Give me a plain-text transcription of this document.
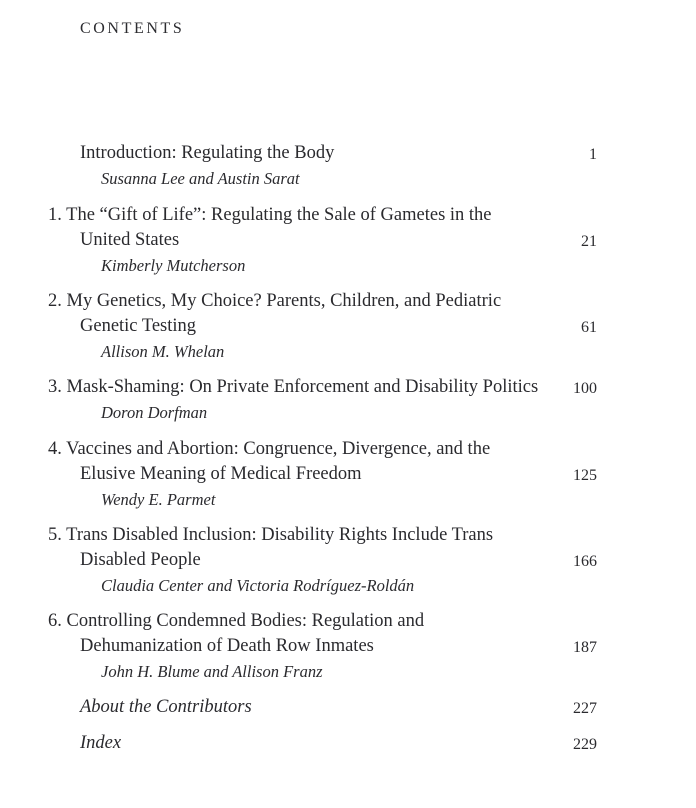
CONTENTS
Introduction: Regulating the Body	1
Susanna Lee and Austin Sarat
1. The “Gift of Life”: Regulating the Sale of Gametes in the
United States	21
Kimberly Mutcherson
2. My Genetics, My Choice? Parents, Children, and Pediatric
Genetic Testing	61
Allison M. Whelan
3. Mask-Shaming: On Private Enforcement and Disability Politics 100
Doron Dorfman
4. Vaccines and Abortion: Congruence, Divergence, and the
Elusive Meaning of Medical Freedom	125
Wendy E. Parmet
5. Trans Disabled Inclusion: Disability Rights Include Trans
Disabled People	166
Claudia Center and Victoria Rodríguez-Roldán
6. Controlling Condemned Bodies: Regulation and
Dehumanization of Death Row Inmates	187
John H. Blume and Allison Franz
About the Contributors	227
Index	229
